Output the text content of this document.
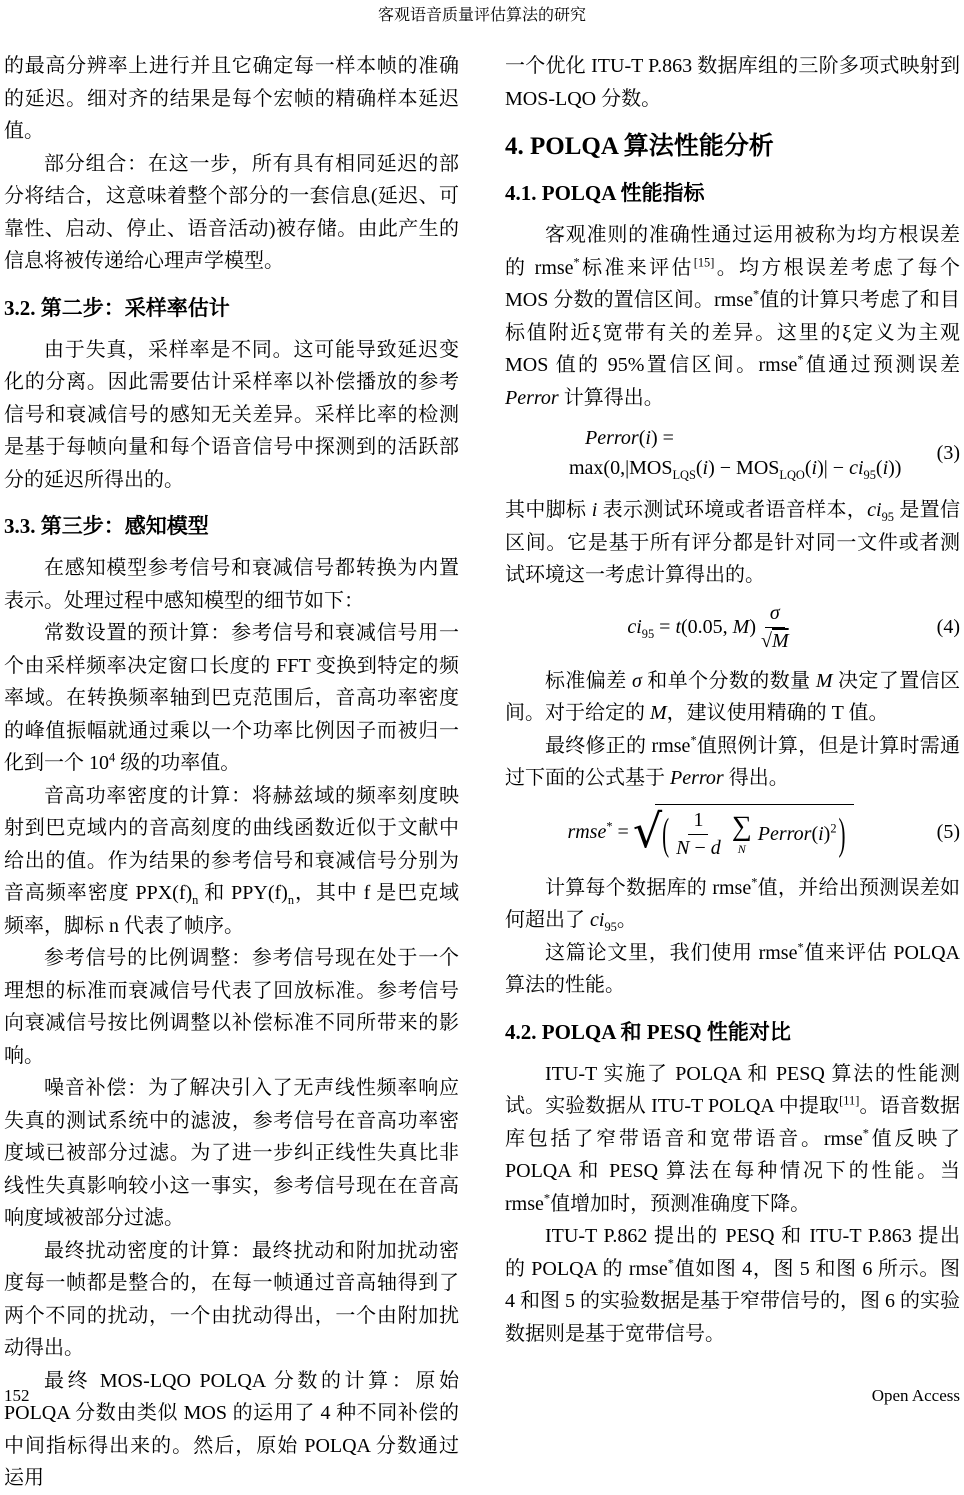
客观语音质量评估算法的研究

的最高分辨率上进行并且它确定每一样本帧的准确的延迟。细对齐的结果是每个宏帧的精确样本延迟值。

部分组合：在这一步，所有具有相同延迟的部分将结合，这意味着整个部分的一套信息(延迟、可靠性、启动、停止、语音活动)被存储。由此产生的信息将被传递给心理声学模型。

3.2. 第二步：采样率估计

由于失真，采样率是不同。这可能导致延迟变化的分离。因此需要估计采样率以补偿播放的参考信号和衰减信号的感知无关差异。采样比率的检测是基于每帧向量和每个语音信号中探测到的活跃部分的延迟所得出的。

3.3. 第三步：感知模型

在感知模型参考信号和衰减信号都转换为内置表示。处理过程中感知模型的细节如下：

常数设置的预计算：参考信号和衰减信号用一个由采样频率决定窗口长度的 FFT 变换到特定的频率域。在转换频率轴到巴克范围后，音高功率密度的峰值振幅就通过乘以一个功率比例因子而被归一化到一个 $10^4$ 级的功率值。

音高功率密度的计算：将赫兹域的频率刻度映射到巴克域内的音高刻度的曲线函数近似于文献中给出的值。作为结果的参考信号和衰减信号分别为音高频率密度 $PPX(f)_n$ 和 $PPY(f)_n$，其中 f 是巴克域频率，脚标 n 代表了帧序。

参考信号的比例调整：参考信号现在处于一个理想的标准而衰减信号代表了回放标准。参考信号向衰减信号按比例调整以补偿标准不同所带来的影响。

噪音补偿：为了解决引入了无声线性频率响应失真的测试系统中的滤波，参考信号在音高功率密度域已被部分过滤。为了进一步纠正线性失真比非线性失真影响较小这一事实，参考信号现在在音高响度域被部分过滤。

最终扰动密度的计算：最终扰动和附加扰动密度每一帧都是整合的，在每一帧通过音高轴得到了两个不同的扰动，一个由扰动得出，一个由附加扰动得出。

最终 MOS-LQO POLQA 分数的计算：原始 POLQA 分数由类似 MOS 的运用了 4 种不同补偿的中间指标得出来的。然后，原始 POLQA 分数通过运用

一个优化 ITU-T P.863 数据库组的三阶多项式映射到 MOS-LQO 分数。

4. POLQA 算法性能分析
4.1. POLQA 性能指标

客观准则的准确性通过运用被称为均方根误差的 rmse*标准来评估[15]。均方根误差考虑了每个 MOS 分数的置信区间。rmse*值的计算只考虑了和目标值附近ξ宽带有关的差异。这里的ξ定义为主观 MOS 值的 95%置信区间。rmse*值通过预测误差 Perror 计算得出。

Perror(i) =
$\max(0,|MOS_{LQS}(i) - MOS_{LQO}(i)| - ci_{95}(i))$
(3)

其中脚标 i 表示测试环境或者语音样本，$ci_{95}$ 是置信区间。它是基于所有评分都是针对同一文件或者测试环境这一考虑计算得出的。

$ci_{95} = t(0.05$, $M) \frac{\sigma}{√M}$	(4)

标准偏差 σ 和单个分数的数量 M 决定了置信区间。对于给定的 M，建议使用精确的 T 值。

最终修正的 rmse*值照例计算，但是计算时需通过下面的公式基于 Perror 得出。

rmse* = √ ( $\frac{1}{N - d}$ ∑
N
$Perror(i)^2$ )	(5)

计算每个数据库的 rmse*值，并给出预测误差如何超出了 $ci_{95}$。

这篇论文里，我们使用 rmse*值来评估 POLQA 算法的性能。

4.2. POLQA 和 PESQ 性能对比

ITU-T 实施了 POLQA 和 PESQ 算法的性能测试。实验数据从 ITU-T POLQA 中提取[11]。语音数据库包括了窄带语音和宽带语音。rmse*值反映了 POLQA 和 PESQ 算法在每种情况下的性能。当 rmse*值增加时，预测准确度下降。

ITU-T P.862 提出的 PESQ 和 ITU-T P.863 提出的 POLQA 的 rmse*值如图 4，图 5 和图 6 所示。图 4 和图 5 的实验数据是基于窄带信号的，图 6 的实验数据则是基于宽带信号。

152	Open Access
